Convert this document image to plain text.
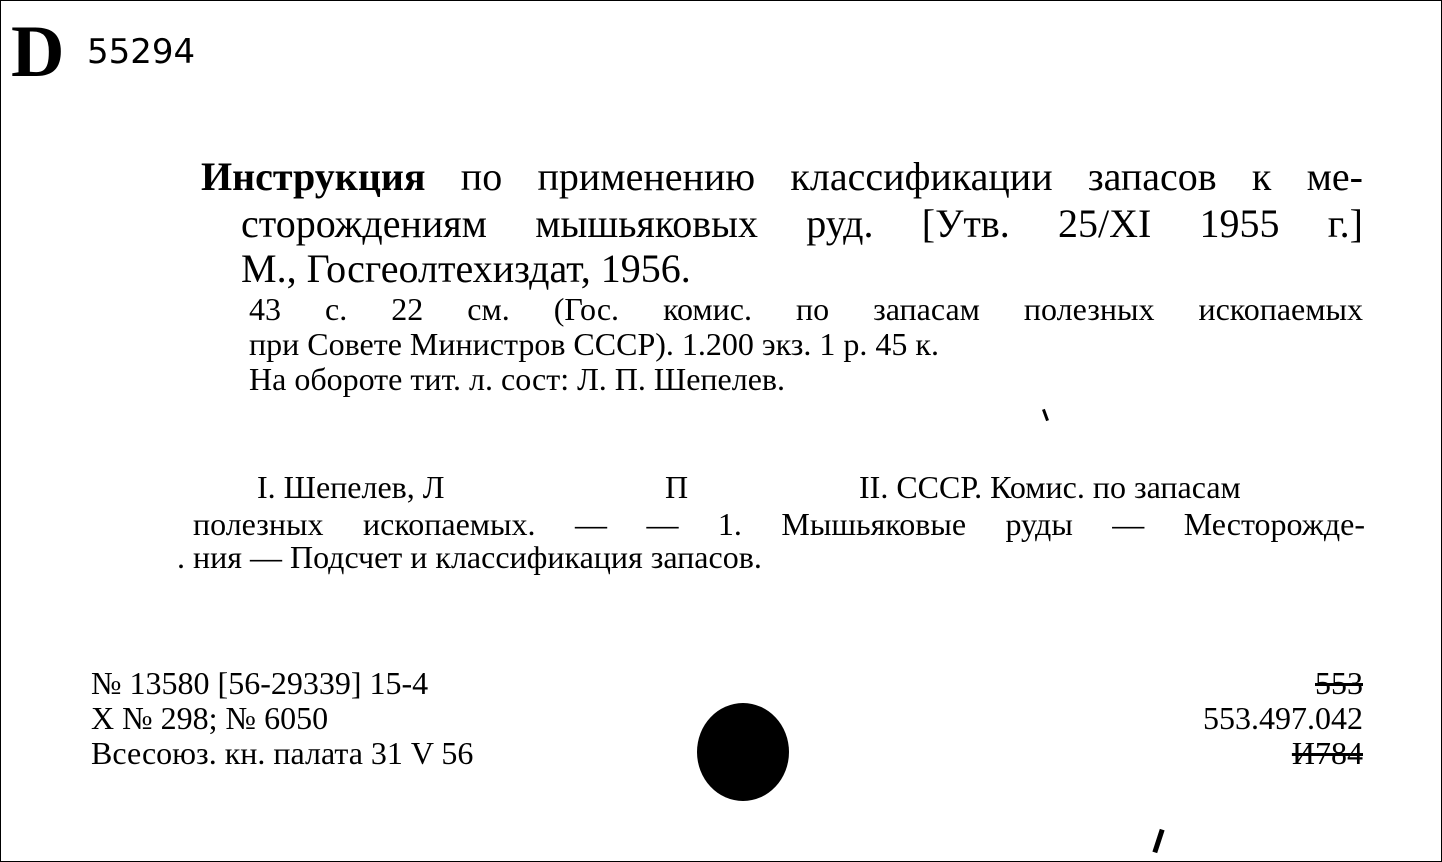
D 55294
Инструкция по применению классификации запасов к ме-
сторождениям мышьяковых руд. [Утв. 25/XI 1955 г.]
М., Госгеолтехиздат, 1956.
43 с. 22 см. (Гос. комис. по запасам полезных ископаемых
при Совете Министров СССР). 1.200 экз. 1 р. 45 к.
На обороте тит. л. сост: Л. П. Шепелев.
I. Шепелев, Л	П	II. СССР. Комис. по запасам
полезных ископаемых. — — 1. Мышьяковые руды — Месторожде-
. ния — Подсчет и классификация запасов.
№ 13580 [56-29339] 15-4
X № 298; № 6050
Всесоюз. кн. палата 31 V 56
553
553.497.042
И784
